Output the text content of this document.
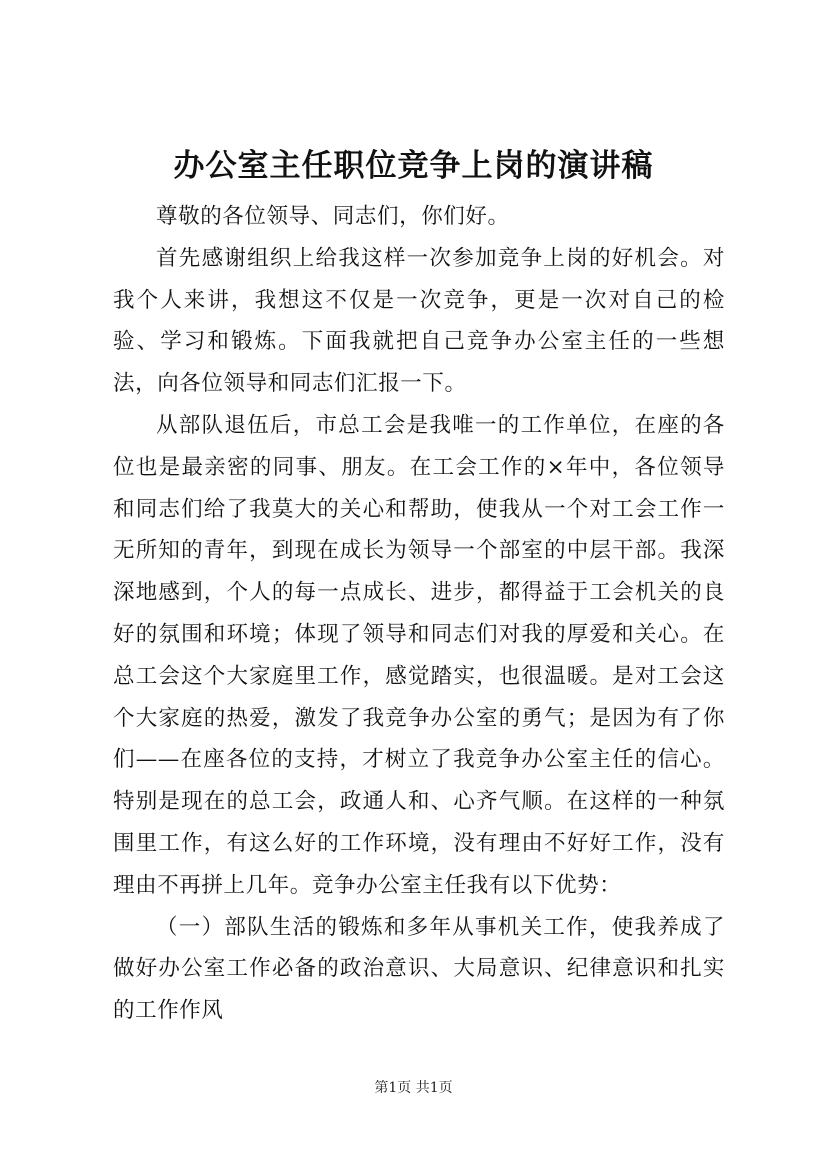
办公室主任职位竞争上岗的演讲稿

尊敬的各位领导、同志们，你们好。

首先感谢组织上给我这样一次参加竞争上岗的好机会。对我个人来讲，我想这不仅是一次竞争，更是一次对自己的检验、学习和锻炼。下面我就把自己竞争办公室主任的一些想法，向各位领导和同志们汇报一下。

从部队退伍后，市总工会是我唯一的工作单位，在座的各位也是最亲密的同事、朋友。在工会工作的×年中，各位领导和同志们给了我莫大的关心和帮助，使我从一个对工会工作一无所知的青年，到现在成长为领导一个部室的中层干部。我深深地感到，个人的每一点成长、进步，都得益于工会机关的良好的氛围和环境；体现了领导和同志们对我的厚爱和关心。在总工会这个大家庭里工作，感觉踏实，也很温暖。是对工会这个大家庭的热爱，激发了我竞争办公室的勇气；是因为有了你们——在座各位的支持，才树立了我竞争办公室主任的信心。特别是现在的总工会，政通人和、心齐气顺。在这样的一种氛围里工作，有这么好的工作环境，没有理由不好好工作，没有理由不再拼上几年。竞争办公室主任我有以下优势：

（一）部队生活的锻炼和多年从事机关工作，使我养成了做好办公室工作必备的政治意识、大局意识、纪律意识和扎实的工作作风

第1页 共1页
